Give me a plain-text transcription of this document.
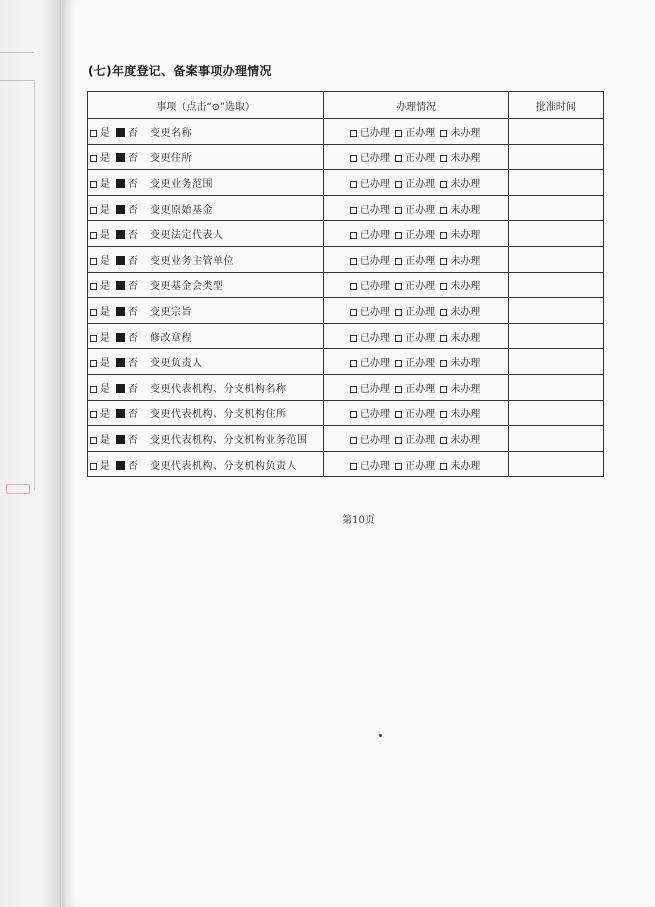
(七)年度登记、备案事项办理情况
事项（点击“⊙”选取）	办理情况	批准时间
是 否 变更名称	已办理 正办理 未办理	
是 否 变更住所	已办理 正办理 未办理	
是 否 变更业务范围	已办理 正办理 未办理	
是 否 变更原始基金	已办理 正办理 未办理	
是 否 变更法定代表人	已办理 正办理 未办理	
是 否 变更业务主管单位	已办理 正办理 未办理	
是 否 变更基金会类型	已办理 正办理 未办理	
是 否 变更宗旨	已办理 正办理 未办理	
是 否 修改章程	已办理 正办理 未办理	
是 否 变更负责人	已办理 正办理 未办理	
是 否 变更代表机构、分支机构名称	已办理 正办理 未办理	
是 否 变更代表机构、分支机构住所	已办理 正办理 未办理	
是 否 变更代表机构、分支机构业务范围	已办理 正办理 未办理	
是 否 变更代表机构、分支机构负责人	已办理 正办理 未办理	
第10页
